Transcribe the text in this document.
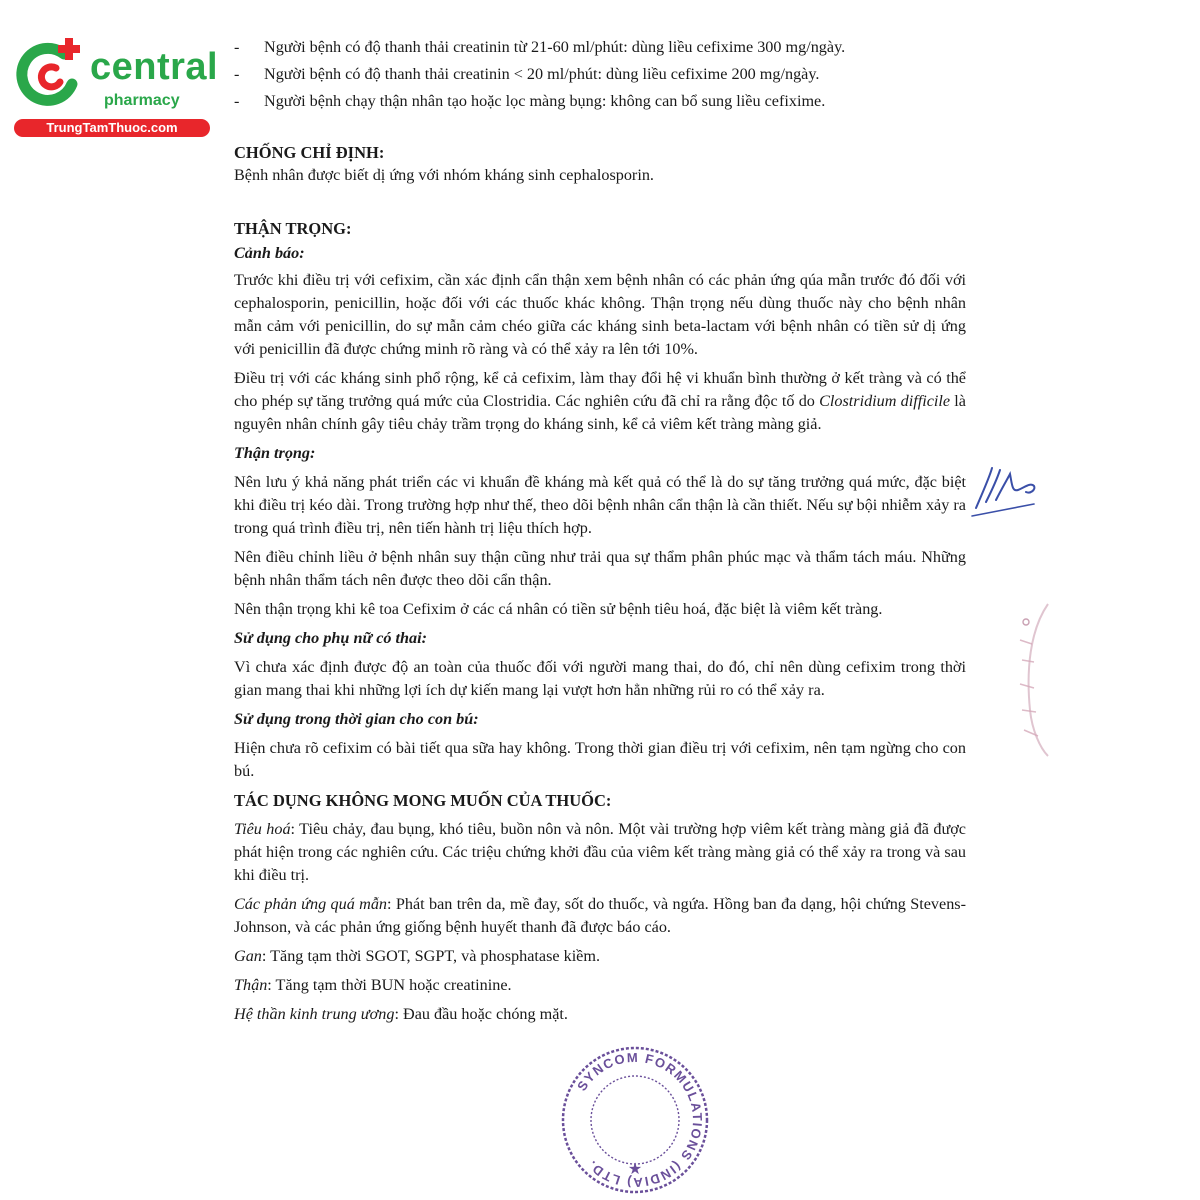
central
pharmacy
TrungTamThuoc.com
- Người bệnh có độ thanh thải creatinin từ 21-60 ml/phút: dùng liều cefixime 300 mg/ngày.
- Người bệnh có độ thanh thải creatinin < 20 ml/phút: dùng liều cefixime 200 mg/ngày.
- Người bệnh chạy thận nhân tạo hoặc lọc màng bụng: không can bổ sung liều cefixime.
CHỐNG CHỈ ĐỊNH:

Bệnh nhân được biết dị ứng với nhóm kháng sinh cephalosporin.

THẬN TRỌNG:

Cảnh báo:

Trước khi điều trị với cefixim, cần xác định cẩn thận xem bệnh nhân có các phản ứng qúa mẫn trước đó đối với cephalosporin, penicillin, hoặc đối với các thuốc khác không. Thận trọng nếu dùng thuốc này cho bệnh nhân mẫn cảm với penicillin, do sự mẫn cảm chéo giữa các kháng sinh beta-lactam với bệnh nhân có tiền sử dị ứng với penicillin đã được chứng minh rõ ràng và có thể xảy ra lên tới 10%.

Điều trị với các kháng sinh phổ rộng, kể cả cefixim, làm thay đổi hệ vi khuẩn bình thường ở kết tràng và có thể cho phép sự tăng trưởng quá mức của Clostridia. Các nghiên cứu đã chỉ ra rằng độc tố do Clostridium difficile là nguyên nhân chính gây tiêu chảy trầm trọng do kháng sinh, kể cả viêm kết tràng màng giả.

Thận trọng:

Nên lưu ý khả năng phát triển các vi khuẩn đề kháng mà kết quả có thể là do sự tăng trưởng quá mức, đặc biệt khi điều trị kéo dài. Trong trường hợp như thế, theo dõi bệnh nhân cẩn thận là cần thiết. Nếu sự bội nhiễm xảy ra trong quá trình điều trị, nên tiến hành trị liệu thích hợp.

Nên điều chỉnh liều ở bệnh nhân suy thận cũng như trải qua sự thẩm phân phúc mạc và thẩm tách máu. Những bệnh nhân thẩm tách nên được theo dõi cẩn thận.

Nên thận trọng khi kê toa Cefixim ở các cá nhân có tiền sử bệnh tiêu hoá, đặc biệt là viêm kết tràng.

Sử dụng cho phụ nữ có thai:

Vì chưa xác định được độ an toàn của thuốc đối với người mang thai, do đó, chỉ nên dùng cefixim trong thời gian mang thai khi những lợi ích dự kiến mang lại vượt hơn hẳn những rủi ro có thể xảy ra.

Sử dụng trong thời gian cho con bú:

Hiện chưa rõ cefixim có bài tiết qua sữa hay không. Trong thời gian điều trị với cefixim, nên tạm ngừng cho con bú.

TÁC DỤNG KHÔNG MONG MUỐN CỦA THUỐC:

Tiêu hoá: Tiêu chảy, đau bụng, khó tiêu, buồn nôn và nôn. Một vài trường hợp viêm kết tràng màng giả đã được phát hiện trong các nghiên cứu. Các triệu chứng khởi đầu của viêm kết tràng màng giả có thể xảy ra trong và sau khi điều trị.

Các phản ứng quá mẫn: Phát ban trên da, mề đay, sốt do thuốc, và ngứa. Hồng ban đa dạng, hội chứng Stevens-Johnson, và các phản ứng giống bệnh huyết thanh đã được báo cáo.

Gan: Tăng tạm thời SGOT, SGPT, và phosphatase kiềm.

Thận: Tăng tạm thời BUN hoặc creatinine.

Hệ thần kinh trung ương: Đau đầu hoặc chóng mặt.

SYNCOM FORMULATIONS (INDIA) LTD.	★
